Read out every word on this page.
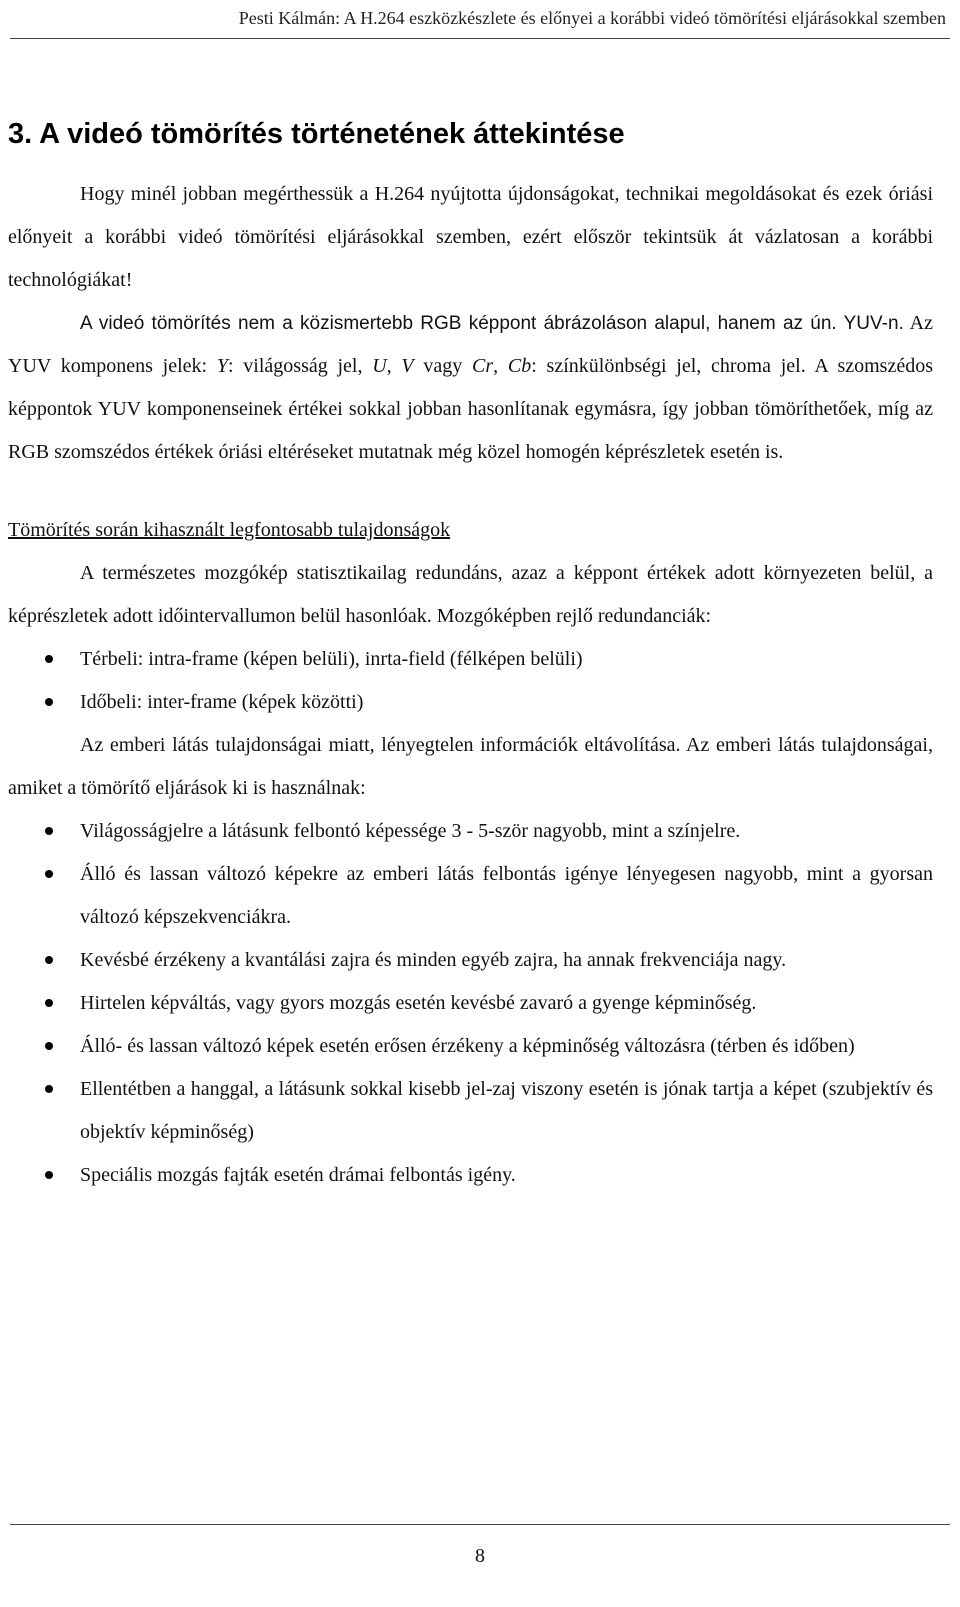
Pesti Kálmán: A H.264 eszközkészlete és előnyei a korábbi videó tömörítési eljárásokkal szemben
3. A videó tömörítés történetének áttekintése

Hogy minél jobban megérthessük a H.264 nyújtotta újdonságokat, technikai megoldásokat és ezek óriási előnyeit a korábbi videó tömörítési eljárásokkal szemben, ezért először tekintsük át vázlatosan a korábbi technológiákat!

A videó tömörítés nem a közismertebb RGB képpont ábrázoláson alapul, hanem az ún. YUV-n. Az YUV komponens jelek: Y: világosság jel, U, V vagy Cr, Cb: színkülönbségi jel, chroma jel. A szomszédos képpontok YUV komponenseinek értékei sokkal jobban hasonlítanak egymásra, így jobban tömöríthetőek, míg az RGB szomszédos értékek óriási eltéréseket mutatnak még közel homogén képrészletek esetén is.

Tömörítés során kihasznált legfontosabb tulajdonságok

A természetes mozgókép statisztikailag redundáns, azaz a képpont értékek adott környezeten belül, a képrészletek adott időintervallumon belül hasonlóak. Mozgóképben rejlő redundanciák:

Térbeli: intra-frame (képen belüli), inrta-field (félképen belüli)
Időbeli: inter-frame (képek közötti)

Az emberi látás tulajdonságai miatt, lényegtelen információk eltávolítása. Az emberi látás tulajdonságai, amiket a tömörítő eljárások ki is használnak:

Világosságjelre a látásunk felbontó képessége 3 - 5-ször nagyobb, mint a színjelre.
Álló és lassan változó képekre az emberi látás felbontás igénye lényegesen nagyobb, mint a gyorsan változó képszekvenciákra.
Kevésbé érzékeny a kvantálási zajra és minden egyéb zajra, ha annak frekvenciája nagy.
Hirtelen képváltás, vagy gyors mozgás esetén kevésbé zavaró a gyenge képminőség.
Álló- és lassan változó képek esetén erősen érzékeny a képminőség változásra (térben és időben)
Ellentétben a hanggal, a látásunk sokkal kisebb jel-zaj viszony esetén is jónak tartja a képet (szubjektív és objektív képminőség)
Speciális mozgás fajták esetén drámai felbontás igény.
8
